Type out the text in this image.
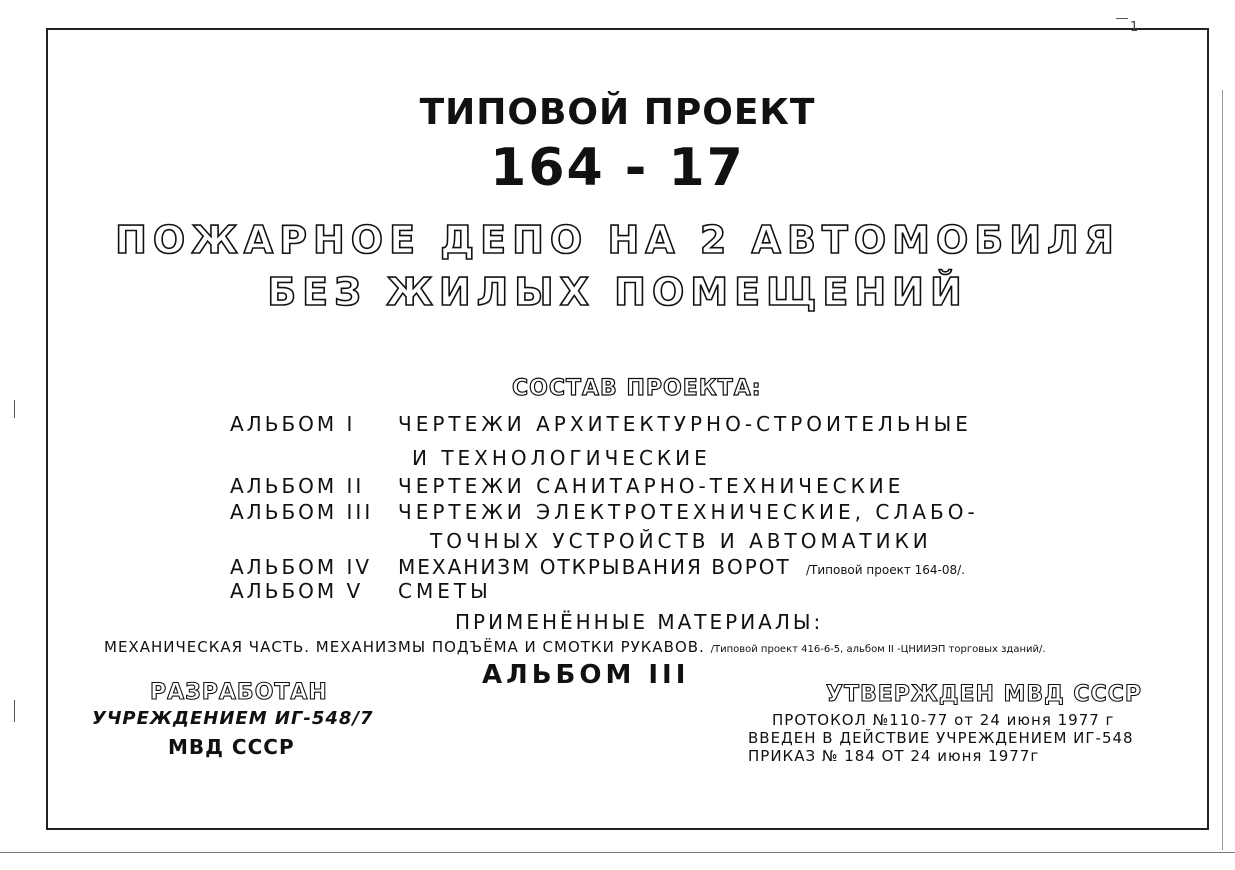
1
ТИПОВОЙ ПРОЕКТ
164 - 17
ПОЖАРНОЕ ДЕПО НА 2 АВТОМОБИЛЯ
БЕЗ ЖИЛЫХ ПОМЕЩЕНИЙ
СОСТАВ ПРОЕКТА:
АЛЬБОМ I ЧЕРТЕЖИ АРХИТЕКТУРНО-СТРОИТЕЛЬНЫЕ
И ТЕХНОЛОГИЧЕСКИЕ
АЛЬБОМ II ЧЕРТЕЖИ САНИТАРНО-ТЕХНИЧЕСКИЕ
АЛЬБОМ III ЧЕРТЕЖИ ЭЛЕКТРОТЕХНИЧЕСКИЕ, СЛАБО-
ТОЧНЫХ УСТРОЙСТВ И АВТОМАТИКИ
АЛЬБОМ IV МЕХАНИЗМ ОТКРЫВАНИЯ ВОРОТ /Типовой проект 164-08/.
АЛЬБОМ V СМЕТЫ
ПРИМЕНЁННЫЕ МАТЕРИАЛЫ:
МЕХАНИЧЕСКАЯ ЧАСТЬ. МЕХАНИЗМЫ ПОДЪЁМА И СМОТКИ РУКАВОВ. /Типовой проект 416-6-5, альбом II -ЦНИИЭП торговых зданий/.
АЛЬБОМ III
РАЗРАБОТАН
УЧРЕЖДЕНИЕМ ИГ-548/7
МВД СССР
УТВЕРЖДЕН МВД СССР
ПРОТОКОЛ №110-77 от 24 июня 1977 г
ВВЕДЕН В ДЕЙСТВИЕ УЧРЕЖДЕНИЕМ ИГ-548
ПРИКАЗ № 184 ОТ 24 июня 1977г
